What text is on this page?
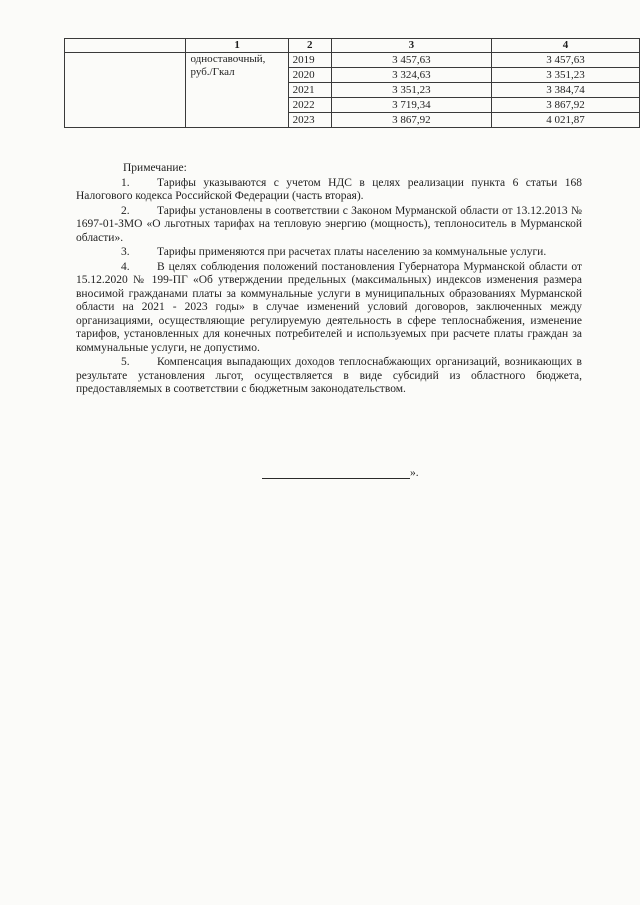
	1	2	3	4
	одноставочный, руб./Гкал	2019	3 457,63	3 457,63
		2020	3 324,63	3 351,23
		2021	3 351,23	3 384,74
		2022	3 719,34	3 867,92
		2023	3 867,92	4 021,87
Примечание:

1. Тарифы указываются с учетом НДС в целях реализации пункта 6 статьи 168 Налогового кодекса Российской Федерации (часть вторая).

2. Тарифы установлены в соответствии с Законом Мурманской области от 13.12.2013 № 1697-01-ЗМО «О льготных тарифах на тепловую энергию (мощность), теплоноситель в Мурманской области».

3. Тарифы применяются при расчетах платы населению за коммунальные услуги.

4. В целях соблюдения положений постановления Губернатора Мурманской области от 15.12.2020 № 199-ПГ «Об утверждении предельных (максимальных) индексов изменения размера вносимой гражданами платы за коммунальные услуги в муниципальных образованиях Мурманской области на 2021 - 2023 годы» в случае изменений условий договоров, заключенных между организациями, осуществляющие регулируемую деятельность в сфере теплоснабжения, изменение тарифов, установленных для конечных потребителей и используемых при расчете платы граждан за коммунальные услуги, не допустимо.

5. Компенсация выпадающих доходов теплоснабжающих организаций, возникающих в результате установления льгот, осуществляется в виде субсидий из областного бюджета, предоставляемых в соответствии с бюджетным законодательством.

».
